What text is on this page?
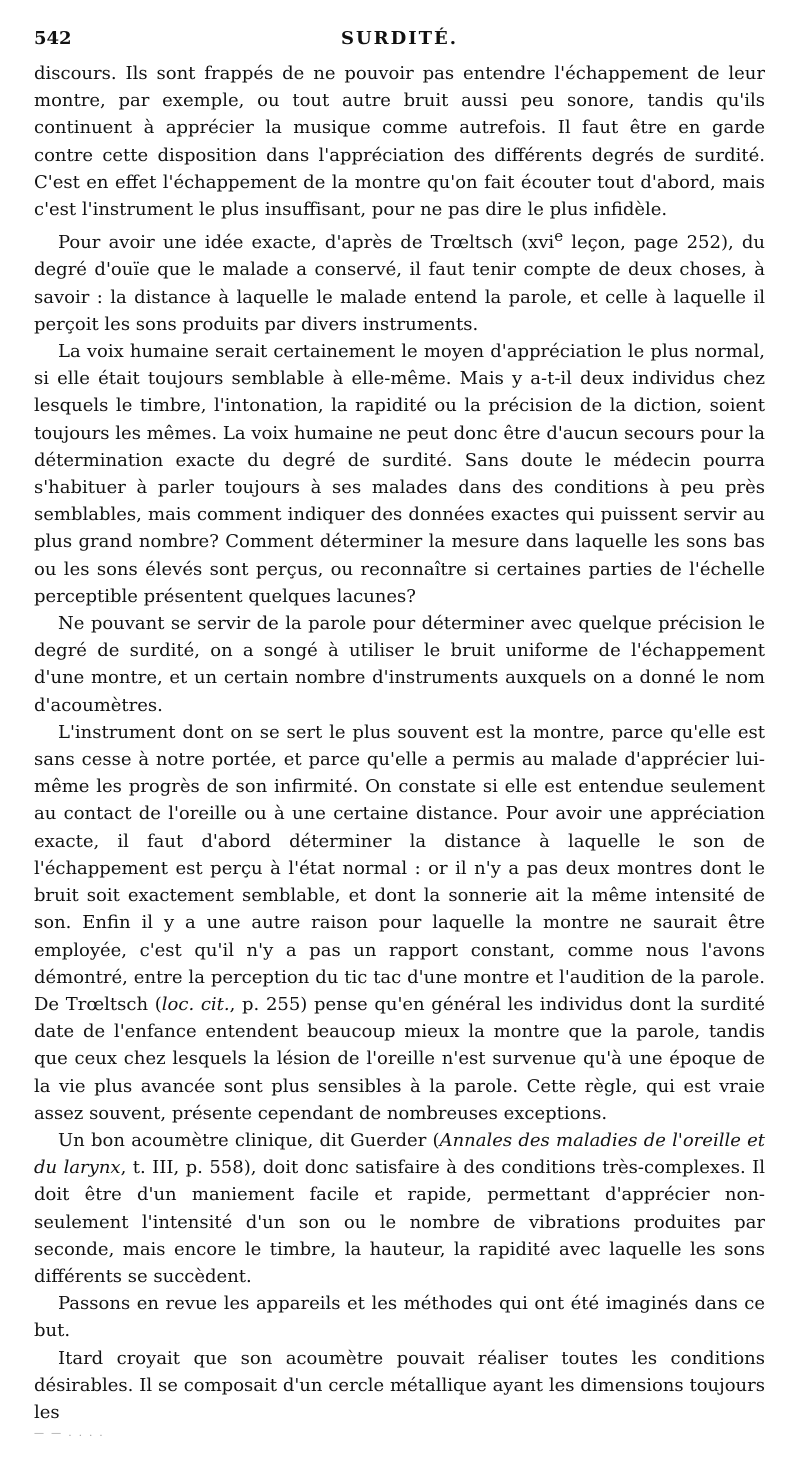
542	SURDITÉ.

discours. Ils sont frappés de ne pouvoir pas entendre l'échappement de leur montre, par exemple, ou tout autre bruit aussi peu sonore, tandis qu'ils continuent à apprécier la musique comme autrefois. Il faut être en garde contre cette disposition dans l'appréciation des différents degrés de surdité. C'est en effet l'échappement de la montre qu'on fait écouter tout d'abord, mais c'est l'instrument le plus insuffisant, pour ne pas dire le plus infidèle.

Pour avoir une idée exacte, d'après de Trœltsch (xvi$^e$ leçon, page 252), du degré d'ouïe que le malade a conservé, il faut tenir compte de deux choses, à savoir : la distance à laquelle le malade entend la parole, et celle à laquelle il perçoit les sons produits par divers instruments.

La voix humaine serait certainement le moyen d'appréciation le plus normal, si elle était toujours semblable à elle-même. Mais y a-t-il deux individus chez lesquels le timbre, l'intonation, la rapidité ou la précision de la diction, soient toujours les mêmes. La voix humaine ne peut donc être d'aucun secours pour la détermination exacte du degré de surdité. Sans doute le médecin pourra s'habituer à parler toujours à ses malades dans des conditions à peu près semblables, mais comment indiquer des données exactes qui puissent servir au plus grand nombre? Comment déterminer la mesure dans laquelle les sons bas ou les sons élevés sont perçus, ou reconnaître si certaines parties de l'échelle perceptible présentent quelques lacunes?

Ne pouvant se servir de la parole pour déterminer avec quelque précision le degré de surdité, on a songé à utiliser le bruit uniforme de l'échappement d'une montre, et un certain nombre d'instruments auxquels on a donné le nom d'acoumètres.

L'instrument dont on se sert le plus souvent est la montre, parce qu'elle est sans cesse à notre portée, et parce qu'elle a permis au malade d'apprécier lui-même les progrès de son infirmité. On constate si elle est entendue seulement au contact de l'oreille ou à une certaine distance. Pour avoir une appréciation exacte, il faut d'abord déterminer la distance à laquelle le son de l'échappement est perçu à l'état normal : or il n'y a pas deux montres dont le bruit soit exactement semblable, et dont la sonnerie ait la même intensité de son. Enfin il y a une autre raison pour laquelle la montre ne saurait être employée, c'est qu'il n'y a pas un rapport constant, comme nous l'avons démontré, entre la perception du tic tac d'une montre et l'audition de la parole. De Trœltsch (loc. cit., p. 255) pense qu'en général les individus dont la surdité date de l'enfance entendent beaucoup mieux la montre que la parole, tandis que ceux chez lesquels la lésion de l'oreille n'est survenue qu'à une époque de la vie plus avancée sont plus sensibles à la parole. Cette règle, qui est vraie assez souvent, présente cependant de nombreuses exceptions.

Un bon acoumètre clinique, dit Guerder (Annales des maladies de l'oreille et du larynx, t. III, p. 558), doit donc satisfaire à des conditions très-complexes. Il doit être d'un maniement facile et rapide, permettant d'apprécier non-seulement l'intensité d'un son ou le nombre de vibrations produites par seconde, mais encore le timbre, la hauteur, la rapidité avec laquelle les sons différents se succèdent.

Passons en revue les appareils et les méthodes qui ont été imaginés dans ce but.

Itard croyait que son acoumètre pouvait réaliser toutes les conditions désirables. Il se composait d'un cercle métallique ayant les dimensions toujours les

— — . . . .
